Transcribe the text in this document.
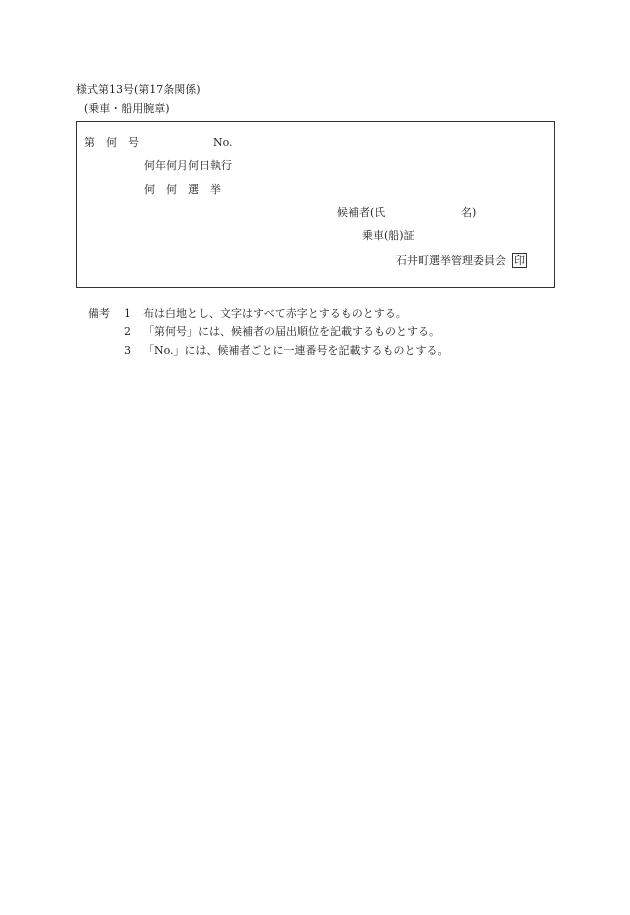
様式第13号(第17条関係)
(乗車・船用腕章)
第　何　号	No.
何年何月何日執行
何　何　選　挙
候補者(氏	名)
乗車(船)証
石井町選挙管理委員会 印
備考 1 布は白地とし、文字はすべて赤字とするものとする。
2 「第何号」には、候補者の届出順位を記載するものとする。
3 「No.」には、候補者ごとに一連番号を記載するものとする。
